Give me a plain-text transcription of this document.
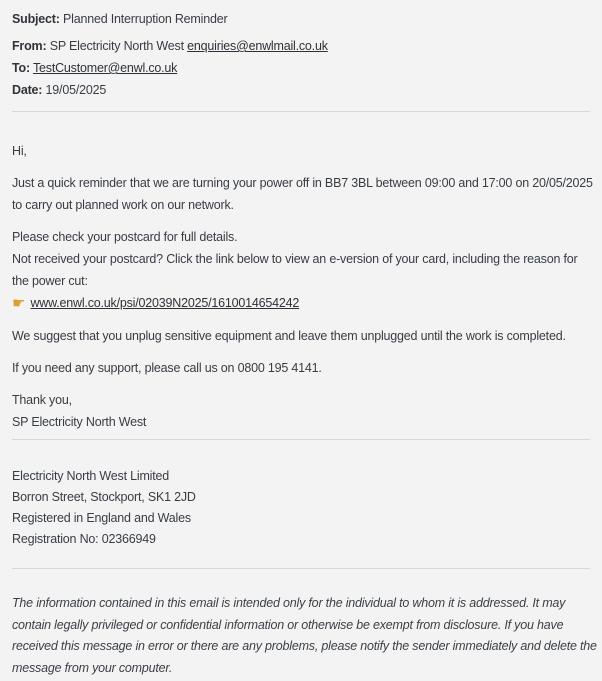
Subject: Planned Interruption Reminder
From: SP Electricity North West enquiries@enwlmail.co.uk
To: TestCustomer@enwl.co.uk
Date: 19/05/2025
Hi,
Just a quick reminder that we are turning your power off in BB7 3BL between 09:00 and 17:00 on 20/05/2025
to carry out planned work on our network.
Please check your postcard for full details.
Not received your postcard? Click the link below to view an e-version of your card, including the reason for
the power cut:
☛ www.enwl.co.uk/psi/02039N2025/1610014654242
We suggest that you unplug sensitive equipment and leave them unplugged until the work is completed.
If you need any support, please call us on 0800 195 4141.
Thank you,
SP Electricity North West
Electricity North West Limited
Borron Street, Stockport, SK1 2JD
Registered in England and Wales
Registration No: 02366949
The information contained in this email is intended only for the individual to whom it is addressed. It may
contain legally privileged or confidential information or otherwise be exempt from disclosure. If you have
received this message in error or there are any problems, please notify the sender immediately and delete the
message from your computer.
